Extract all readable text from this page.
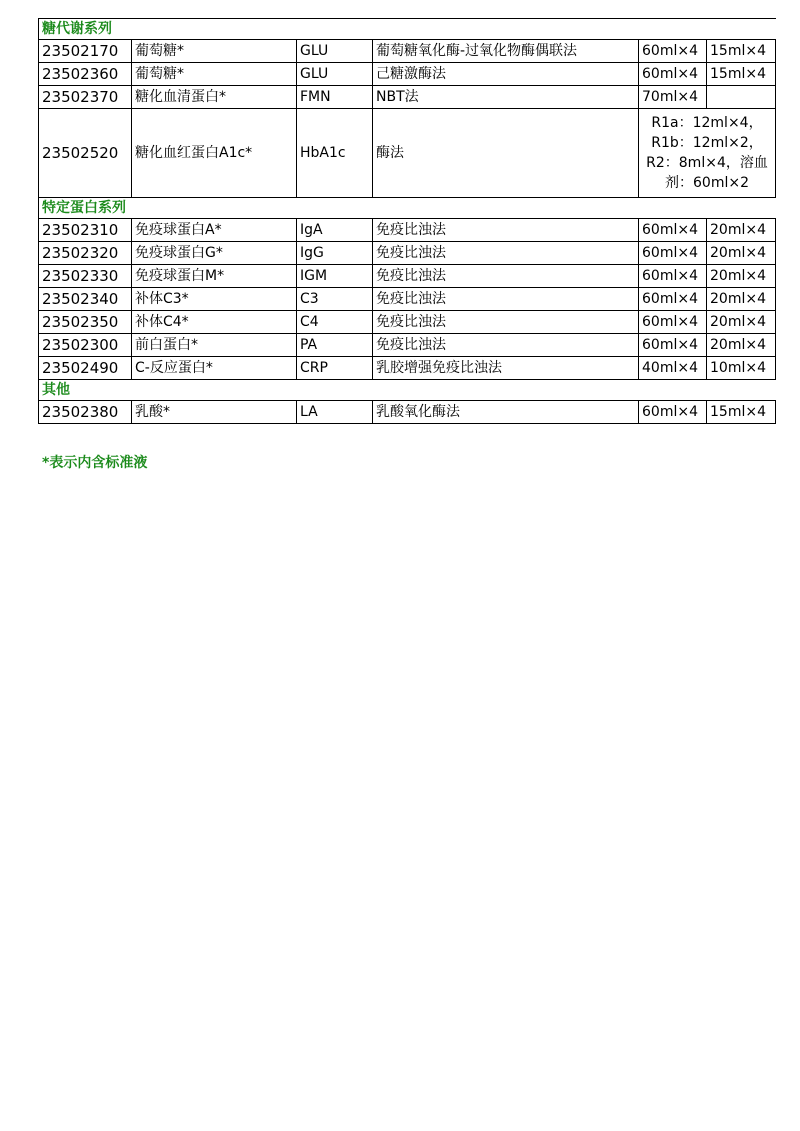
糖代谢系列					
23502170	葡萄糖*	GLU	葡萄糖氧化酶-过氧化物酶偶联法	60ml×4	15ml×4
23502360	葡萄糖*	GLU	己糖激酶法	60ml×4	15ml×4
23502370	糖化血清蛋白*	FMN	NBT法	70ml×4	
23502520	糖化血红蛋白A1c*	HbA1c	酶法	R1a：12ml×4，R1b：12ml×2，R2：8ml×4，溶血剂：60ml×2	
特定蛋白系列					
23502310	免疫球蛋白A*	IgA	免疫比浊法	60ml×4	20ml×4
23502320	免疫球蛋白G*	IgG	免疫比浊法	60ml×4	20ml×4
23502330	免疫球蛋白M*	IGM	免疫比浊法	60ml×4	20ml×4
23502340	补体C3*	C3	免疫比浊法	60ml×4	20ml×4
23502350	补体C4*	C4	免疫比浊法	60ml×4	20ml×4
23502300	前白蛋白*	PA	免疫比浊法	60ml×4	20ml×4
23502490	C-反应蛋白*	CRP	乳胶增强免疫比浊法	40ml×4	10ml×4
其他					
23502380	乳酸*	LA	乳酸氧化酶法	60ml×4	15ml×4
*表示内含标准液
